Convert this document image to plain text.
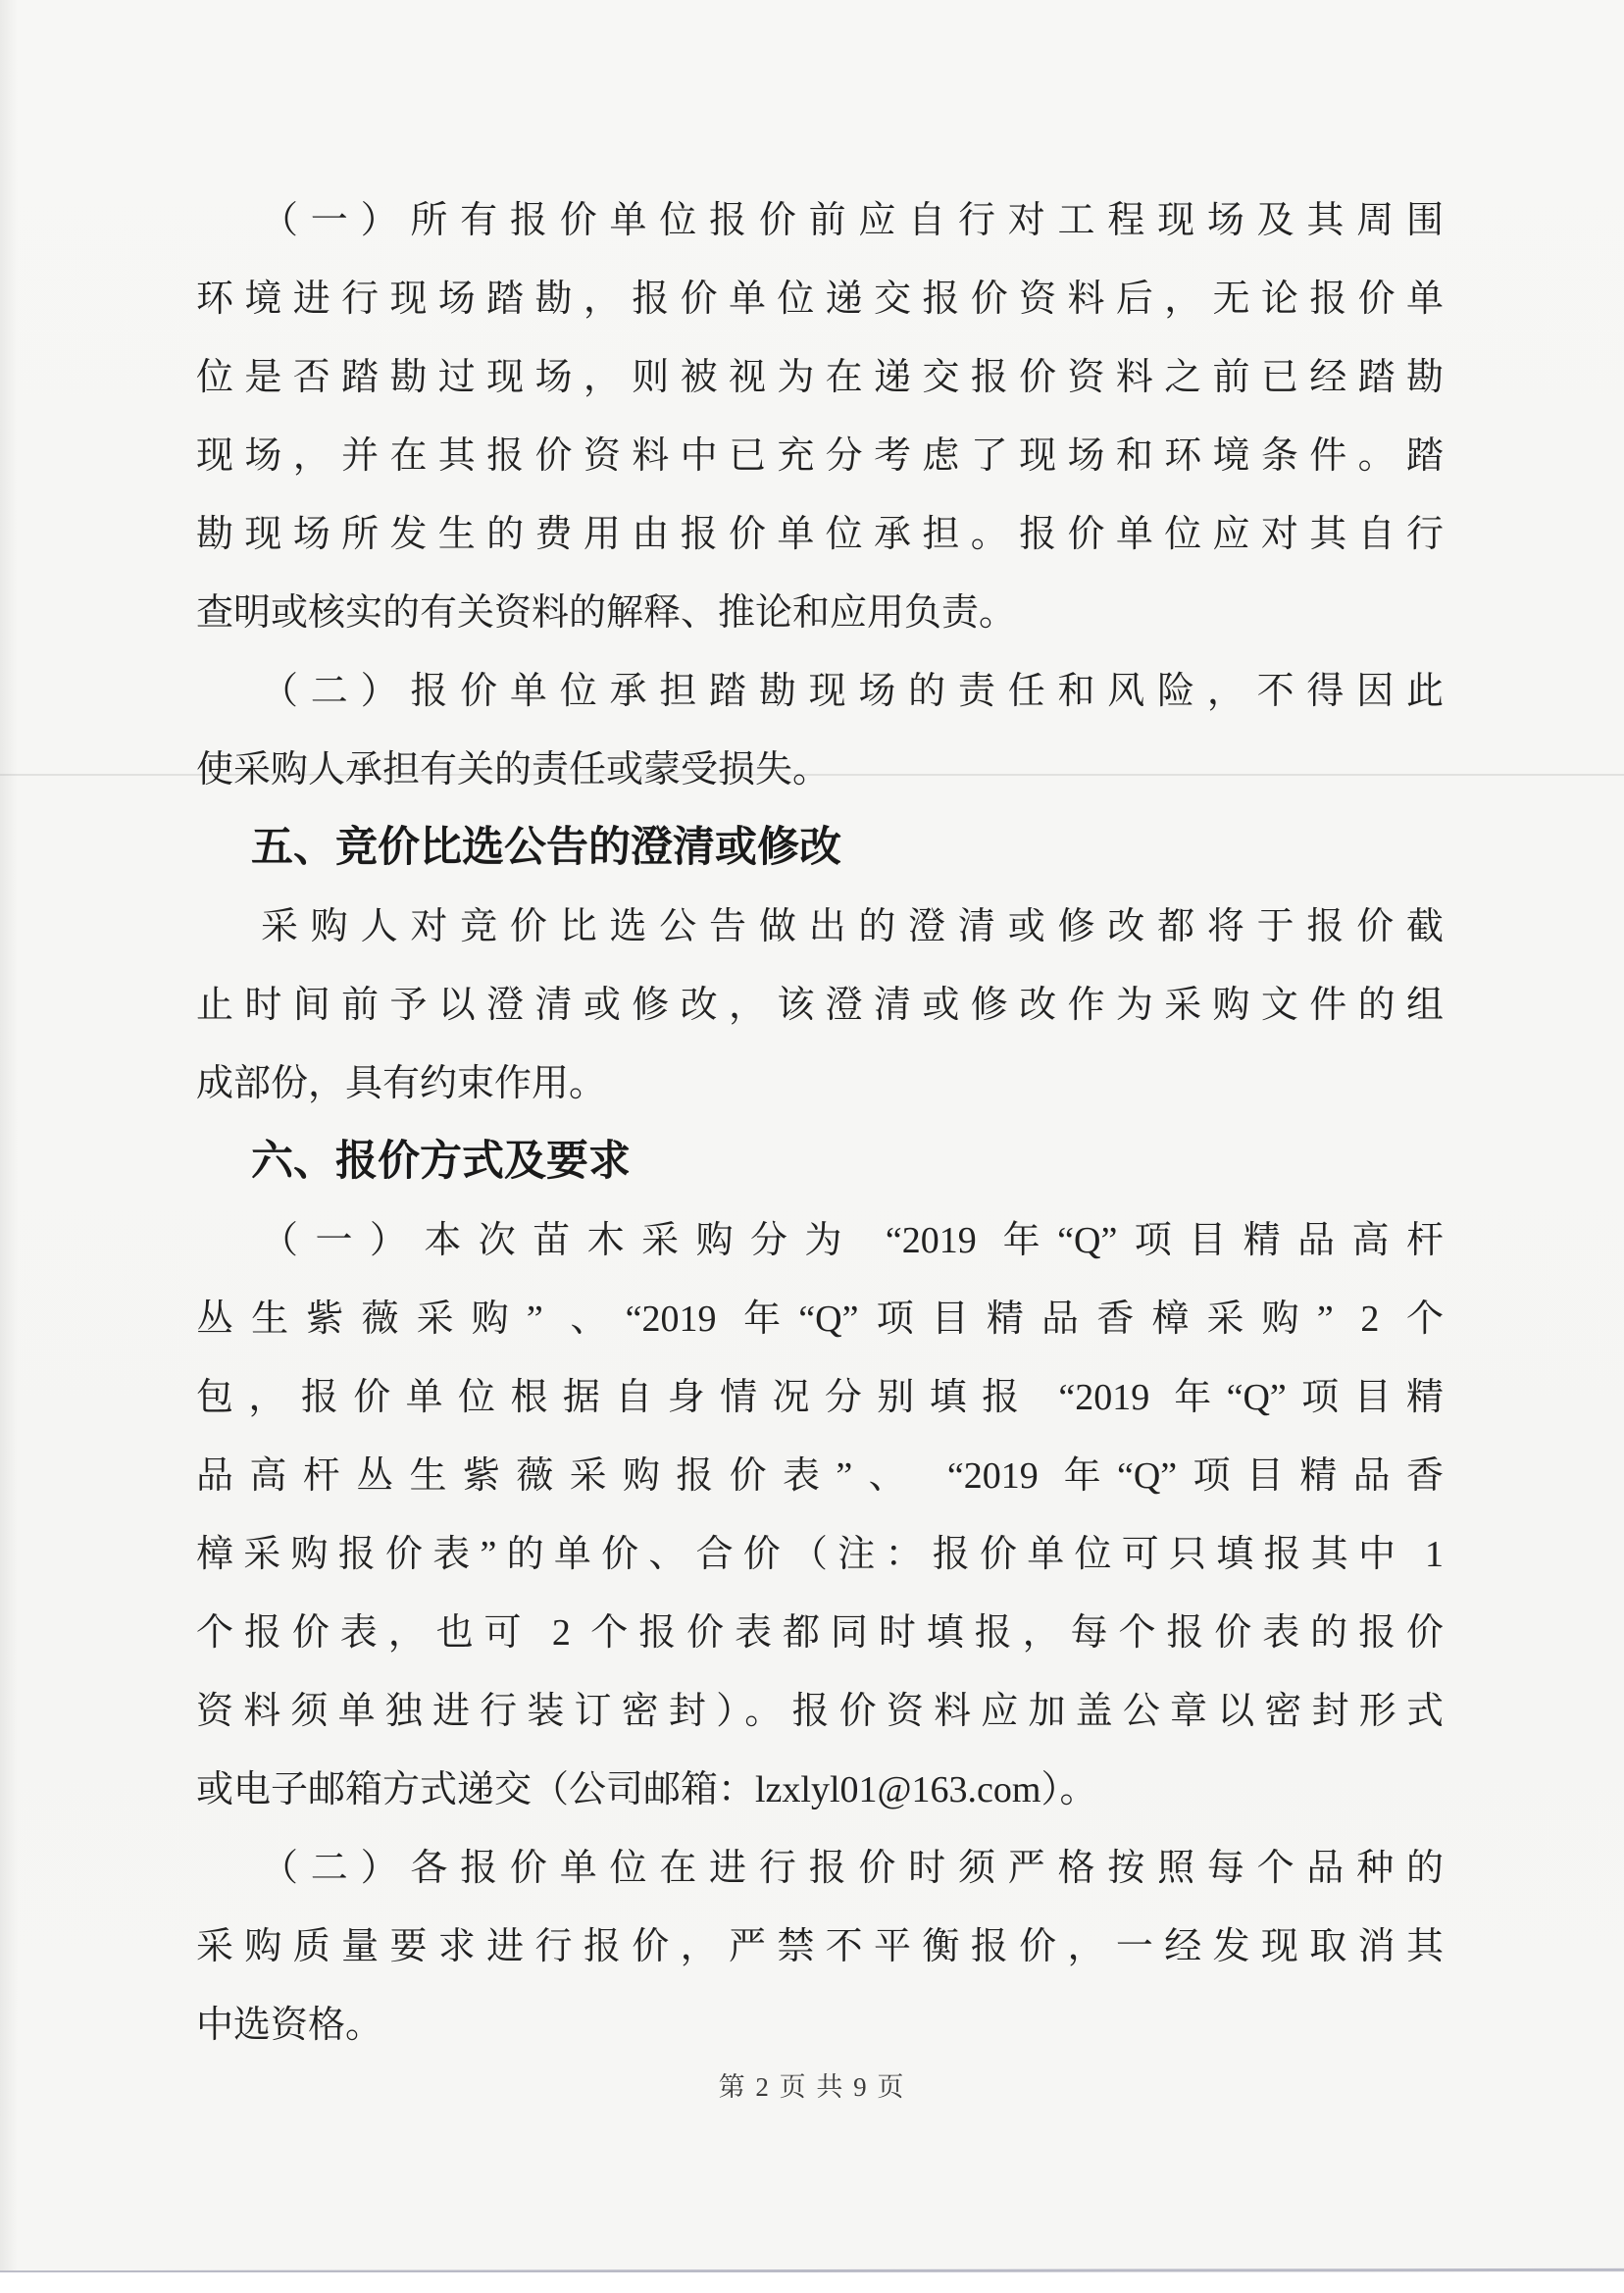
（一）所有报价单位报价前应自行对工程现场及其周围
环境进行现场踏勘，报价单位递交报价资料后，无论报价单
位是否踏勘过现场，则被视为在递交报价资料之前已经踏勘
现场，并在其报价资料中已充分考虑了现场和环境条件。踏
勘现场所发生的费用由报价单位承担。报价单位应对其自行
查明或核实的有关资料的解释、推论和应用负责。
（二）报价单位承担踏勘现场的责任和风险，不得因此
使采购人承担有关的责任或蒙受损失。
五、竞价比选公告的澄清或修改
采购人对竞价比选公告做出的澄清或修改都将于报价截
止时间前予以澄清或修改，该澄清或修改作为采购文件的组
成部份，具有约束作用。
六、报价方式及要求
（一）本次苗木采购分为 “2019 年“Q”项目精品高杆
丛生紫薇采购” 、“2019 年“Q”项目精品香樟采购” 2 个
包，报价单位根据自身情况分别填报 “2019 年“Q”项目精
品高杆丛生紫薇采购报价表”、 “2019 年“Q”项目精品香
樟采购报价表”的单价、合价（注：报价单位可只填报其中 1
个报价表，也可 2 个报价表都同时填报，每个报价表的报价
资料须单独进行装订密封）。报价资料应加盖公章以密封形式
或电子邮箱方式递交（公司邮箱：lzxlyl01@163.com）。
（二）各报价单位在进行报价时须严格按照每个品种的
采购质量要求进行报价，严禁不平衡报价，一经发现取消其
中选资格。
第 2 页 共 9 页
